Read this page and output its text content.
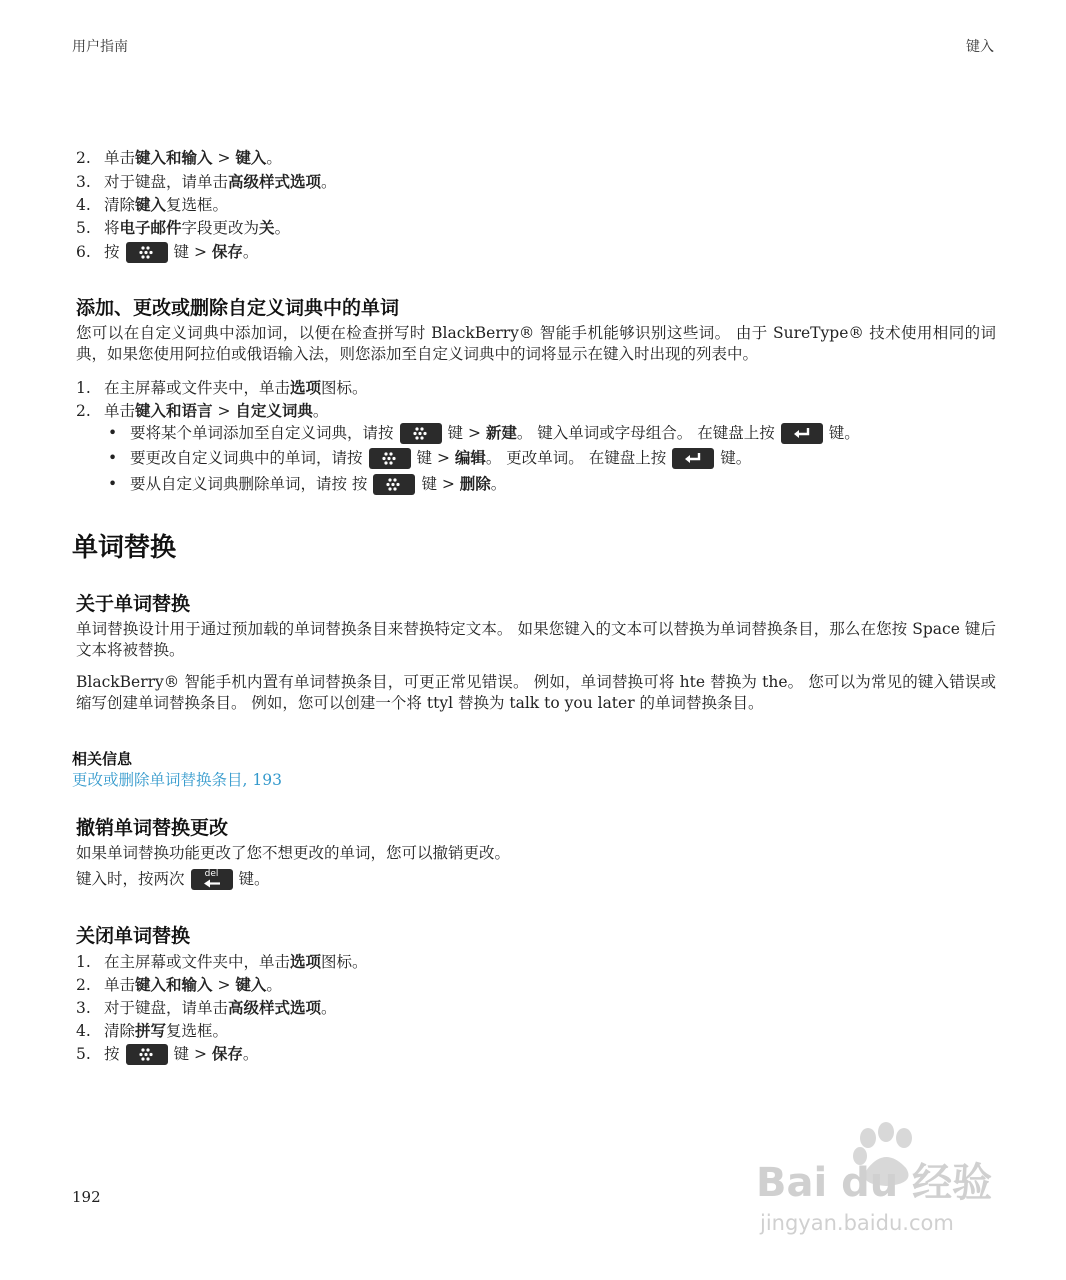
用户指南	键入
2. 单击键入和输入 > 键入。
3. 对于键盘，请单击高级样式选项。
4. 清除键入复选框。
5. 将电子邮件字段更改为关。
6. 按	键 > 保存。
添加、更改或删除自定义词典中的单词
您可以在自定义词典中添加词，以便在检查拼写时 BlackBerry® 智能手机能够识别这些词。 由于 SureType® 技术使用相同的词典，如果您使用阿拉伯或俄语输入法，则您添加至自定义词典中的词将显示在键入时出现的列表中。
1. 在主屏幕或文件夹中，单击选项图标。
2. 单击键入和语言 > 自定义词典。
• 要将某个单词添加至自定义词典，请按	键 > 新建。 键入单词或字母组合。 在键盘上按	键。
• 要更改自定义词典中的单词，请按	键 > 编辑。 更改单词。 在键盘上按	键。
• 要从自定义词典删除单词，请按 按	键 > 删除。
单词替换
关于单词替换
单词替换设计用于通过预加载的单词替换条目来替换特定文本。 如果您键入的文本可以替换为单词替换条目，那么在您按 Space 键后文本将被替换。
BlackBerry® 智能手机内置有单词替换条目，可更正常见错误。 例如，单词替换可将 hte 替换为 the。 您可以为常见的键入错误或缩写创建单词替换条目。 例如，您可以创建一个将 ttyl 替换为 talk to you later 的单词替换条目。
相关信息
更改或删除单词替换条目, 193
撤销单词替换更改
如果单词替换功能更改了您不想更改的单词，您可以撤销更改。
键入时，按两次 del 键。
关闭单词替换
1. 在主屏幕或文件夹中，单击选项图标。
2. 单击键入和输入 > 键入。
3. 对于键盘，请单击高级样式选项。
4. 清除拼写复选框。
5. 按	键 > 保存。
192	Bai du 经验
jingyan.baidu.com
